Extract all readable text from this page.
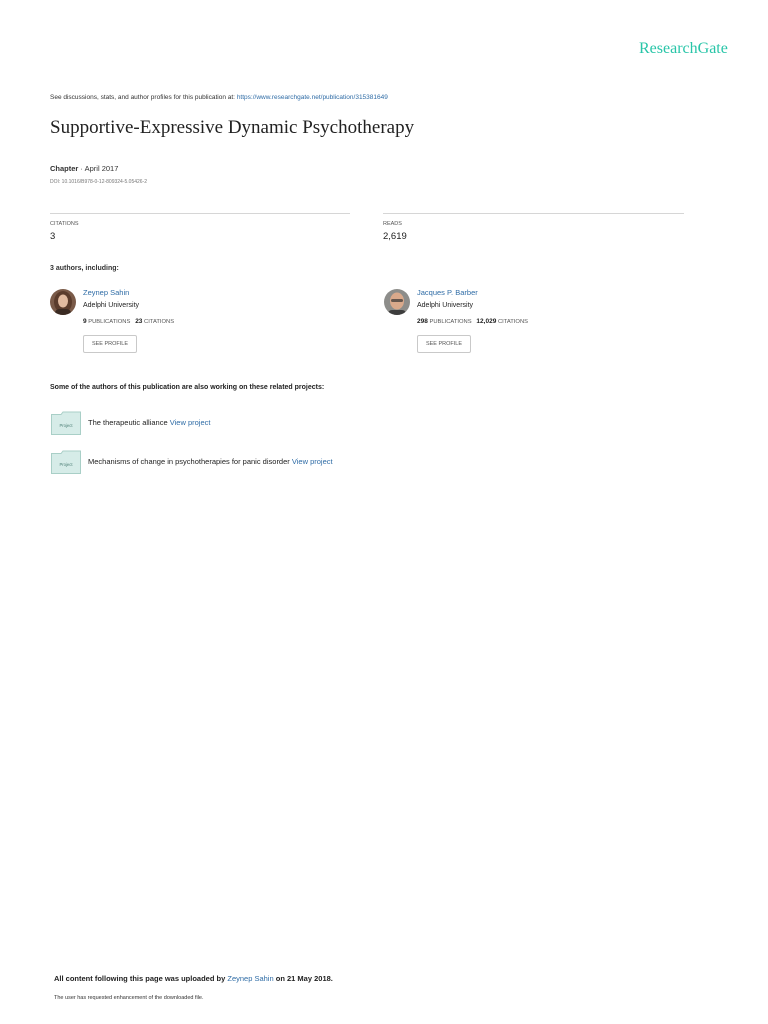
ResearchGate
See discussions, stats, and author profiles for this publication at: https://www.researchgate.net/publication/315381649
Supportive-Expressive Dynamic Psychotherapy
Chapter · April 2017
DOI: 10.1016/B978-0-12-809324-5.05426-2
CITATIONS
3
READS
2,619
3 authors, including:
Zeynep Sahin
Adelphi University
9 PUBLICATIONS 23 CITATIONS
SEE PROFILE
Jacques P. Barber
Adelphi University
298 PUBLICATIONS 12,029 CITATIONS
SEE PROFILE
Some of the authors of this publication are also working on these related projects:
Project The therapeutic alliance View project
Project Mechanisms of change in psychotherapies for panic disorder View project
All content following this page was uploaded by Zeynep Sahin on 21 May 2018.
The user has requested enhancement of the downloaded file.
